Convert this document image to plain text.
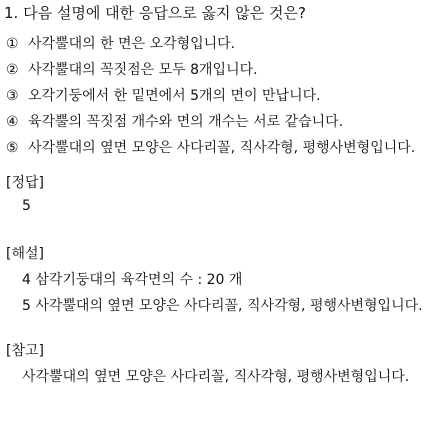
1. 다음 설명에 대한 응답으로 옳지 않은 것은?
① 사각뿔대의 한 면은 오각형입니다.
② 사각뿔대의 꼭짓점은 모두 8개입니다.
③ 오각기둥에서 한 밑면에서 5개의 면이 만납니다.
④ 육각뿔의 꼭짓점 개수와 면의 개수는 서로 같습니다.
⑤ 사각뿔대의 옆면 모양은 사다리꼴, 직사각형, 평행사변형입니다.
[정답]
5
[해설]
4 삼각기둥대의 육각면의 수 : 20 개
5 사각뿔대의 옆면 모양은 사다리꼴, 직사각형, 평행사변형입니다.
[참고]
사각뿔대의 옆면 모양은 사다리꼴, 직사각형, 평행사변형입니다.
